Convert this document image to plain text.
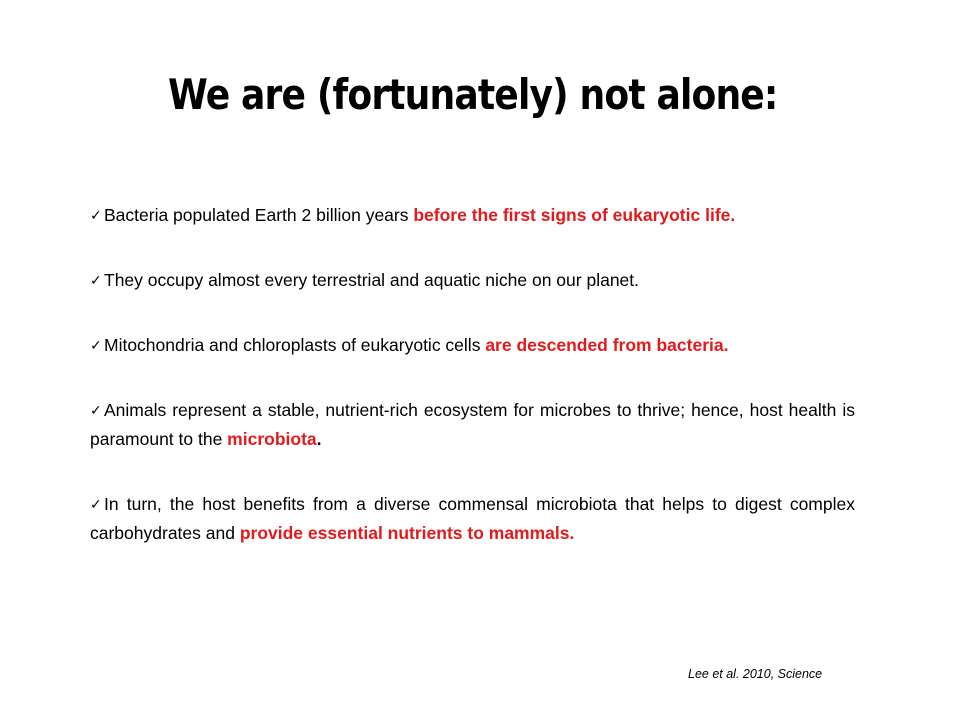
We are (fortunately) not alone:
✓ Bacteria populated Earth 2 billion years before the first signs of eukaryotic life.
✓ They occupy almost every terrestrial and aquatic niche on our planet.
✓ Mitochondria and chloroplasts of eukaryotic cells are descended from bacteria.
✓ Animals represent a stable, nutrient-rich ecosystem for microbes to thrive; hence, host health is paramount to the microbiota.
✓ In turn, the host benefits from a diverse commensal microbiota that helps to digest complex carbohydrates and provide essential nutrients to mammals.
Lee et al. 2010, Science
